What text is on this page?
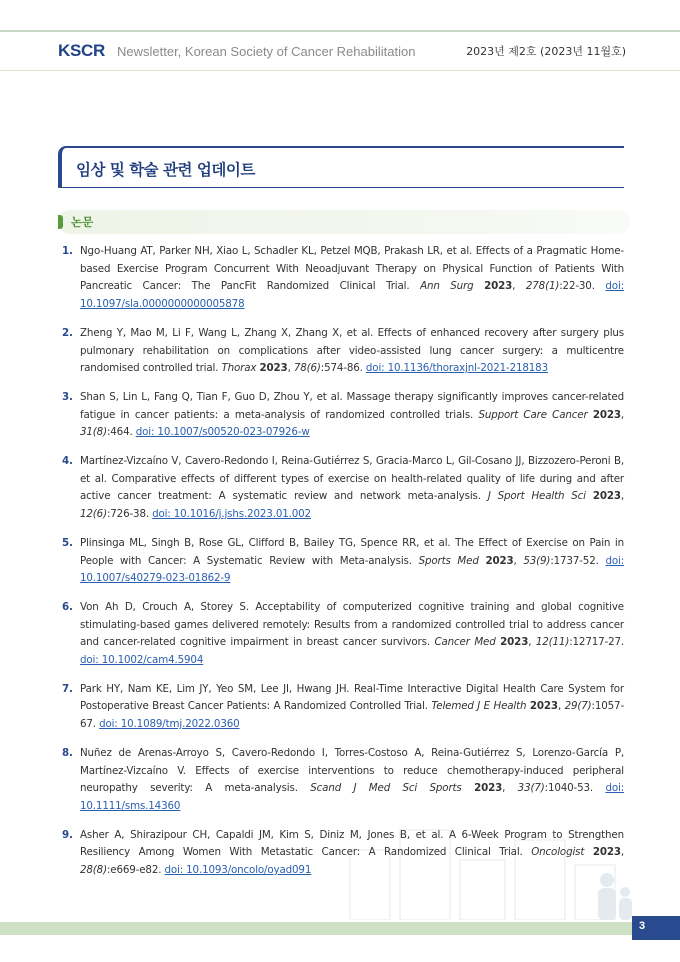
KSCR Newsletter, Korean Society of Cancer Rehabilitation	2023년 제2호 (2023년 11월호)
임상 및 학술 관련 업데이트
논문
1. Ngo-Huang AT, Parker NH, Xiao L, Schadler KL, Petzel MQB, Prakash LR, et al. Effects of a Pragmatic Home-based Exercise Program Concurrent With Neoadjuvant Therapy on Physical Function of Patients With Pancreatic Cancer: The PancFit Randomized Clinical Trial. Ann Surg 2023, 278(1):22-30. doi: 10.1097/sla.0000000000005878
2. Zheng Y, Mao M, Li F, Wang L, Zhang X, Zhang X, et al. Effects of enhanced recovery after surgery plus pulmonary rehabilitation on complications after video-assisted lung cancer surgery: a multicentre randomised controlled trial. Thorax 2023, 78(6):574-86. doi: 10.1136/thoraxjnl-2021-218183
3. Shan S, Lin L, Fang Q, Tian F, Guo D, Zhou Y, et al. Massage therapy significantly improves cancer-related fatigue in cancer patients: a meta-analysis of randomized controlled trials. Support Care Cancer 2023, 31(8):464. doi: 10.1007/s00520-023-07926-w
4. Martínez-Vizcaíno V, Cavero-Redondo I, Reina-Gutiérrez S, Gracia-Marco L, Gil-Cosano JJ, Bizzozero-Peroni B, et al. Comparative effects of different types of exercise on health-related quality of life during and after active cancer treatment: A systematic review and network meta-analysis. J Sport Health Sci 2023, 12(6):726-38. doi: 10.1016/j.jshs.2023.01.002
5. Plinsinga ML, Singh B, Rose GL, Clifford B, Bailey TG, Spence RR, et al. The Effect of Exercise on Pain in People with Cancer: A Systematic Review with Meta-analysis. Sports Med 2023, 53(9):1737-52. doi: 10.1007/s40279-023-01862-9
6. Von Ah D, Crouch A, Storey S. Acceptability of computerized cognitive training and global cognitive stimulating-based games delivered remotely: Results from a randomized controlled trial to address cancer and cancer-related cognitive impairment in breast cancer survivors. Cancer Med 2023, 12(11):12717-27. doi: 10.1002/cam4.5904
7. Park HY, Nam KE, Lim JY, Yeo SM, Lee JI, Hwang JH. Real-Time Interactive Digital Health Care System for Postoperative Breast Cancer Patients: A Randomized Controlled Trial. Telemed J E Health 2023, 29(7):1057-67. doi: 10.1089/tmj.2022.0360
8. Nuñez de Arenas-Arroyo S, Cavero-Redondo I, Torres-Costoso A, Reina-Gutiérrez S, Lorenzo-García P, Martínez-Vizcaíno V. Effects of exercise interventions to reduce chemotherapy-induced peripheral neuropathy severity: A meta-analysis. Scand J Med Sci Sports 2023, 33(7):1040-53. doi: 10.1111/sms.14360
9. Asher A, Shirazipour CH, Capaldi JM, Kim S, Diniz M, Jones B, et al. A 6-Week Program to Strengthen Resiliency Among Women With Metastatic Cancer: A Randomized Clinical Trial. Oncologist 2023, 28(8):e669-e82. doi: 10.1093/oncolo/oyad091
3
